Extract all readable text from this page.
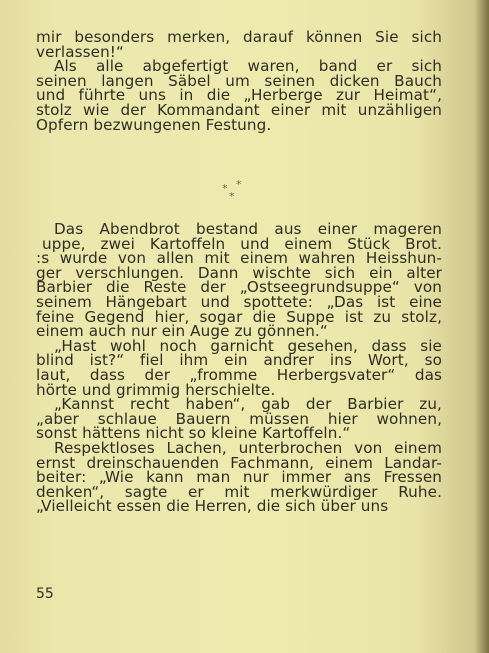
mir besonders merken, darauf können Sie sich
verlassen!“

Als alle abgefertigt waren, band er sich
seinen langen Säbel um seinen dicken Bauch
und führte uns in die „Herberge zur Heimat“,
stolz wie der Kommandant einer mit unzähligen
Opfern bezwungenen Festung.

* *
*

Das Abendbrot bestand aus einer mageren
uppe, zwei Kartoffeln und einem Stück Brot.
:s wurde von allen mit einem wahren Heisshun-
ger verschlungen. Dann wischte sich ein alter
Barbier die Reste der „Ostseegrundsuppe“ von
seinem Hängebart und spottete: „Das ist eine
feine Gegend hier, sogar die Suppe ist zu stolz,
einem auch nur ein Auge zu gönnen.“

„Hast wohl noch garnicht gesehen, dass sie
blind ist?“ fiel ihm ein andrer ins Wort, so
laut, dass der „fromme Herbergsvater“ das
hörte und grimmig herschielte.

„Kannst recht haben“, gab der Barbier zu,
„aber schlaue Bauern müssen hier wohnen,
sonst hättens nicht so kleine Kartoffeln.“

Respektloses Lachen, unterbrochen von einem
ernst dreinschauenden Fachmann, einem Landar-
beiter: „Wie kann man nur immer ans Fressen
denken“, sagte er mit merkwürdiger Ruhe.
„Vielleicht essen die Herren, die sich über uns

55
